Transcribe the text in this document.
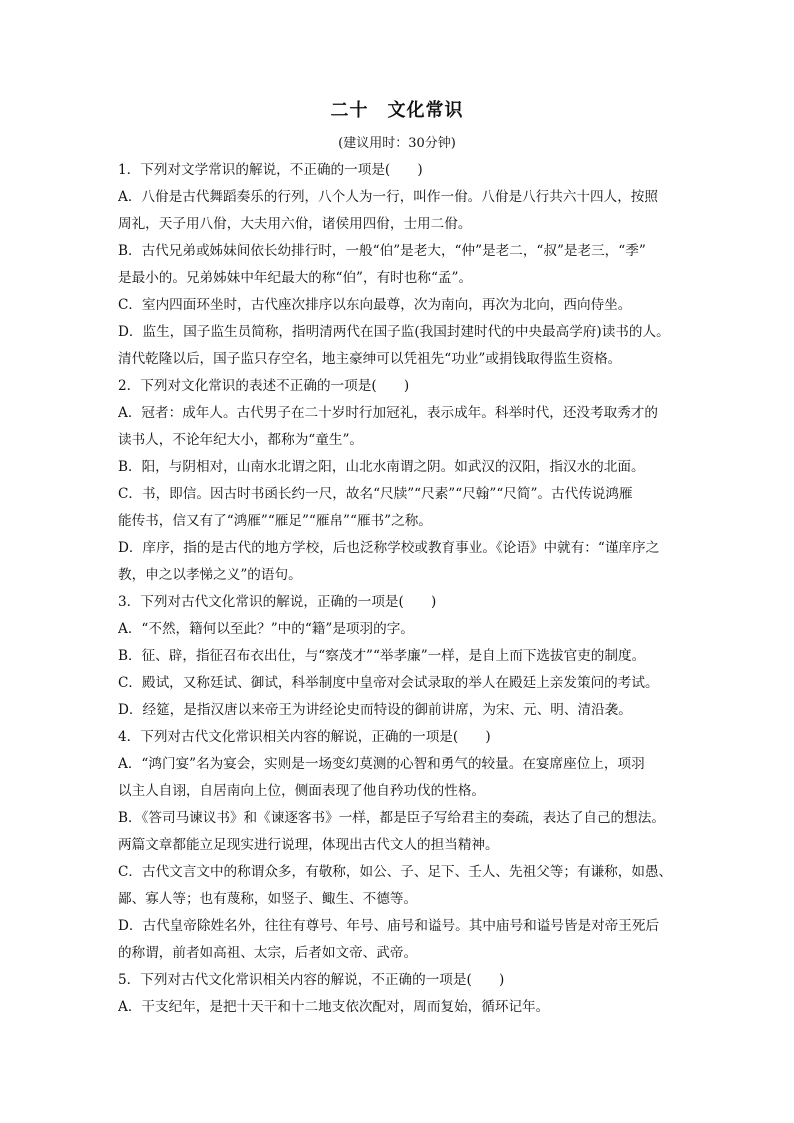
二十　文化常识
(建议用时：30分钟)
1．下列对文学常识的解说，不正确的一项是(　　)
A．八佾是古代舞蹈奏乐的行列，八个人为一行，叫作一佾。八佾是八行共六十四人，按照
周礼，天子用八佾，大夫用六佾，诸侯用四佾，士用二佾。
B．古代兄弟或姊妹间依长幼排行时，一般“伯”是老大，“仲”是老二，“叔”是老三，“季”
是最小的。兄弟姊妹中年纪最大的称“伯”，有时也称“孟”。
C．室内四面环坐时，古代座次排序以东向最尊，次为南向，再次为北向，西向侍坐。
D．监生，国子监生员简称，指明清两代在国子监(我国封建时代的中央最高学府)读书的人。
清代乾隆以后，国子监只存空名，地主豪绅可以凭祖先“功业”或捐钱取得监生资格。
2．下列对文化常识的表述不正确的一项是(　　)
A．冠者：成年人。古代男子在二十岁时行加冠礼，表示成年。科举时代，还没考取秀才的
读书人，不论年纪大小，都称为“童生”。
B．阳，与阴相对，山南水北谓之阳，山北水南谓之阴。如武汉的汉阳，指汉水的北面。
C．书，即信。因古时书函长约一尺，故名“尺牍”“尺素”“尺翰”“尺简”。古代传说鸿雁
能传书，信又有了“鸿雁”“雁足”“雁帛”“雁书”之称。
D．庠序，指的是古代的地方学校，后也泛称学校或教育事业。《论语》中就有：“谨庠序之
教，申之以孝悌之义”的语句。
3．下列对古代文化常识的解说，正确的一项是(　　)
A．“不然，籍何以至此？”中的“籍”是项羽的字。
B．征、辟，指征召布衣出仕，与“察茂才”“举孝廉”一样，是自上而下选拔官吏的制度。
C．殿试，又称廷试、御试，科举制度中皇帝对会试录取的举人在殿廷上亲发策问的考试。
D．经筵，是指汉唐以来帝王为讲经论史而特设的御前讲席，为宋、元、明、清沿袭。
4．下列对古代文化常识相关内容的解说，正确的一项是(　　)
A．“鸿门宴”名为宴会，实则是一场变幻莫测的心智和勇气的较量。在宴席座位上，项羽
以主人自诩，自居南向上位，侧面表现了他自矜功伐的性格。
B．《答司马谏议书》和《谏逐客书》一样，都是臣子写给君主的奏疏，表达了自己的想法。
两篇文章都能立足现实进行说理，体现出古代文人的担当精神。
C．古代文言文中的称谓众多，有敬称，如公、子、足下、壬人、先祖父等；有谦称，如愚、
鄙、寡人等；也有蔑称，如竖子、鲰生、不德等。
D．古代皇帝除姓名外，往往有尊号、年号、庙号和谥号。其中庙号和谥号皆是对帝王死后
的称谓，前者如高祖、太宗，后者如文帝、武帝。
5．下列对古代文化常识相关内容的解说，不正确的一项是(　　)
A．干支纪年，是把十天干和十二地支依次配对，周而复始，循环记年。
